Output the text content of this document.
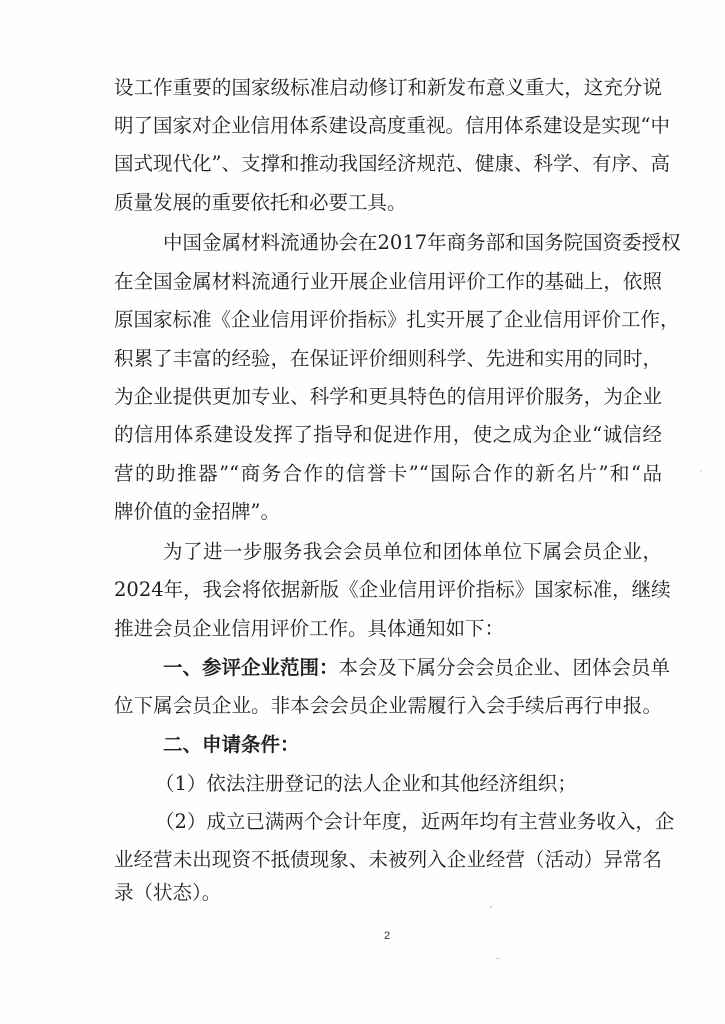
设工作重要的国家级标准启动修订和新发布意义重大，这充分说
明了国家对企业信用体系建设高度重视。信用体系建设是实现“中
国式现代化”、支撑和推动我国经济规范、健康、科学、有序、高
质量发展的重要依托和必要工具。
中国金属材料流通协会在2017年商务部和国务院国资委授权
在全国金属材料流通行业开展企业信用评价工作的基础上，依照
原国家标准《企业信用评价指标》扎实开展了企业信用评价工作，
积累了丰富的经验，在保证评价细则科学、先进和实用的同时，
为企业提供更加专业、科学和更具特色的信用评价服务，为企业
的信用体系建设发挥了指导和促进作用，使之成为企业“诚信经
营的助推器”“商务合作的信誉卡”“国际合作的新名片”和“品
牌价值的金招牌”。
为了进一步服务我会会员单位和团体单位下属会员企业，
2024年，我会将依据新版《企业信用评价指标》国家标准，继续
推进会员企业信用评价工作。具体通知如下：
一、参评企业范围：本会及下属分会会员企业、团体会员单
位下属会员企业。非本会会员企业需履行入会手续后再行申报。
二、申请条件：
（1）依法注册登记的法人企业和其他经济组织；
（2）成立已满两个会计年度，近两年均有主营业务收入，企
业经营未出现资不抵债现象、未被列入企业经营（活动）异常名
录（状态）。
2
